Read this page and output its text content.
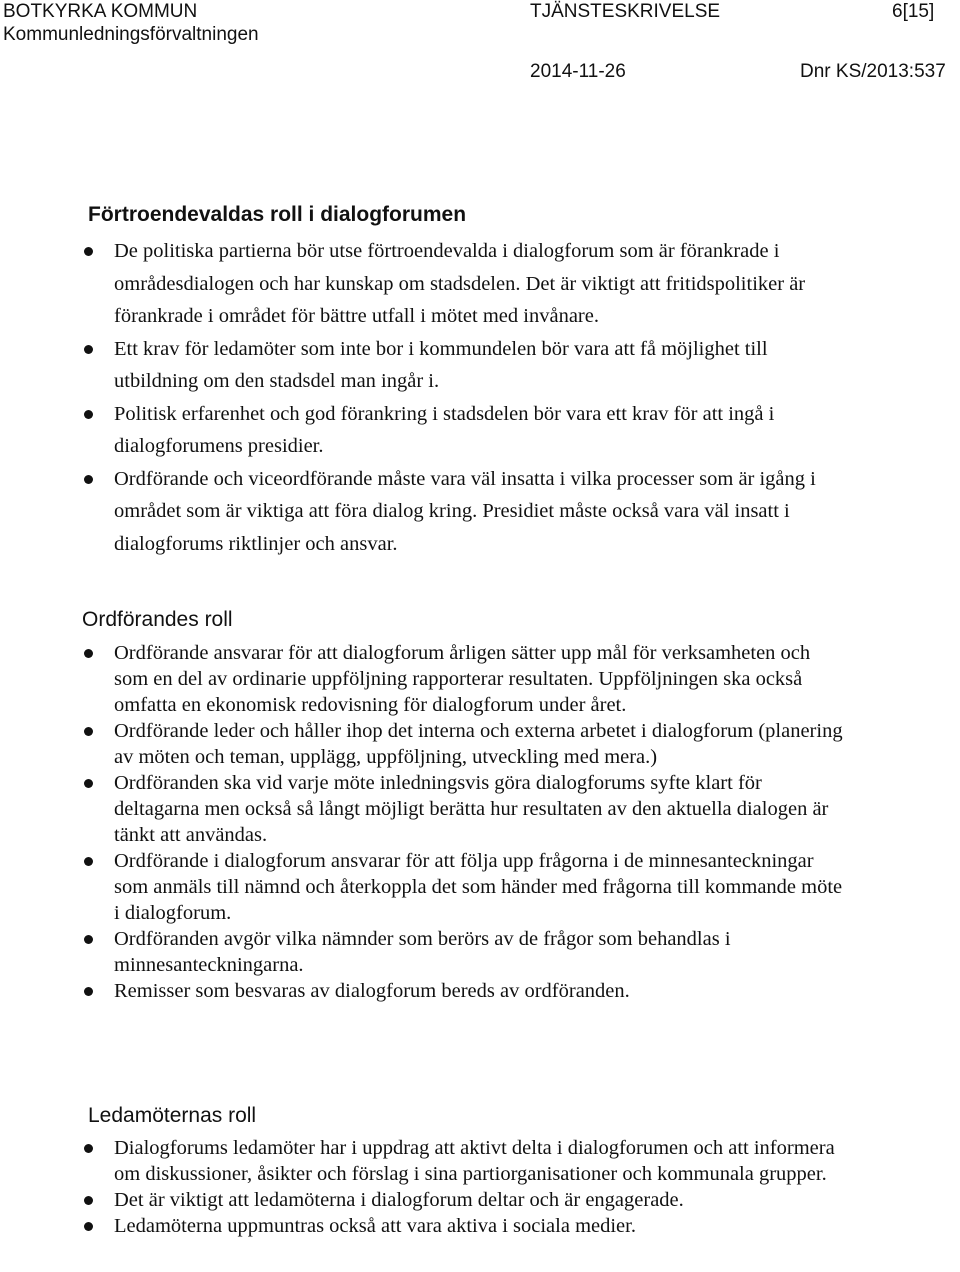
BOTKYRKA KOMMUN
Kommunledningsförvaltningen
TJÄNSTESKRIVELSE	6[15]
2014-11-26	Dnr KS/2013:537
Förtroendevaldas roll i dialogforumen
De politiska partierna bör utse förtroendevalda i dialogforum som är förankrade i områdesdialogen och har kunskap om stadsdelen. Det är viktigt att fritidspolitiker är förankrade i området för bättre utfall i mötet med invånare.
Ett krav för ledamöter som inte bor i kommundelen bör vara att få möjlighet till utbildning om den stadsdel man ingår i.
Politisk erfarenhet och god förankring i stadsdelen bör vara ett krav för att ingå i dialogforumens presidier.
Ordförande och viceordförande måste vara väl insatta i vilka processer som är igång i området som är viktiga att föra dialog kring. Presidiet måste också vara väl insatt i dialogforums riktlinjer och ansvar.
Ordförandes roll
Ordförande ansvarar för att dialogforum årligen sätter upp mål för verksamheten och som en del av ordinarie uppföljning rapporterar resultaten. Uppföljningen ska också omfatta en ekonomisk redovisning för dialogforum under året.
Ordförande leder och håller ihop det interna och externa arbetet i dialogforum (planering av möten och teman, upplägg, uppföljning, utveckling med mera.)
Ordföranden ska vid varje möte inledningsvis göra dialogforums syfte klart för deltagarna men också så långt möjligt berätta hur resultaten av den aktuella dialogen är tänkt att användas.
Ordförande i dialogforum ansvarar för att följa upp frågorna i de minnesanteckningar som anmäls till nämnd och återkoppla det som händer med frågorna till kommande möte i dialogforum.
Ordföranden avgör vilka nämnder som berörs av de frågor som behandlas i minnesanteckningarna.
Remisser som besvaras av dialogforum bereds av ordföranden.
Ledamöternas roll
Dialogforums ledamöter har i uppdrag att aktivt delta i dialogforumen och att informera om diskussioner, åsikter och förslag i sina partiorganisationer och kommunala grupper.
Det är viktigt att ledamöterna i dialogforum deltar och är engagerade.
Ledamöterna uppmuntras också att vara aktiva i sociala medier.
